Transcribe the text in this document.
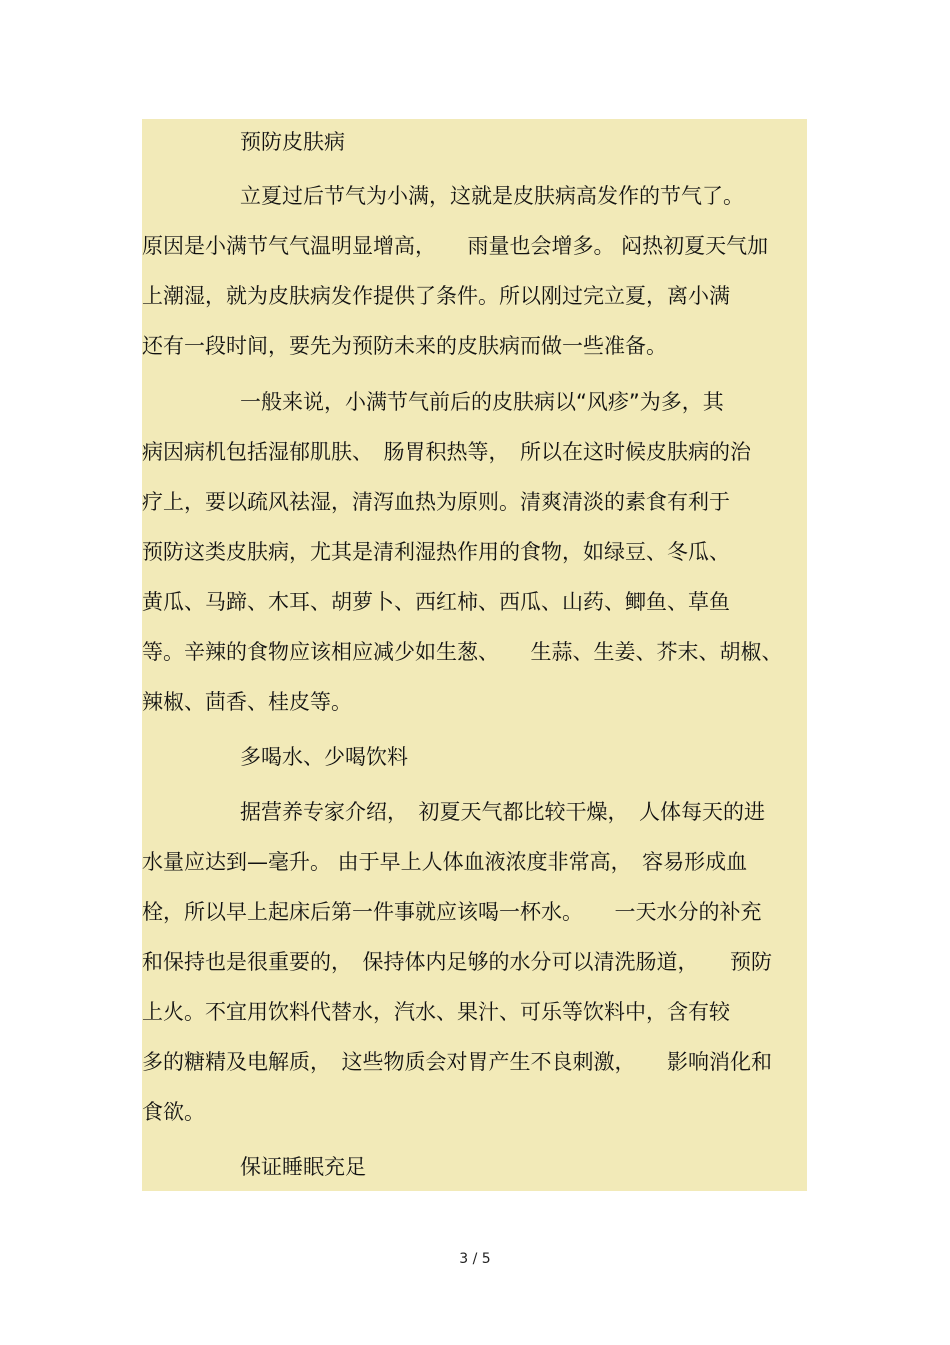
预防皮肤病
立夏过后节气为小满，这就是皮肤病高发作的节气了。
原因是小满节气气温明显增高，　　雨量也会增多。 闷热初夏天气加
上潮湿，就为皮肤病发作提供了条件。所以刚过完立夏，离小满
还有一段时间，要先为预防未来的皮肤病而做一些准备。
一般来说，小满节气前后的皮肤病以“风疹”为多，其
病因病机包括湿郁肌肤、　肠胃积热等，　所以在这时候皮肤病的治
疗上，要以疏风祛湿，清泻血热为原则。清爽清淡的素食有利于
预防这类皮肤病，尤其是清利湿热作用的食物，如绿豆、冬瓜、
黄瓜、马蹄、木耳、胡萝卜、西红柿、西瓜、山药、鲫鱼、草鱼
等。辛辣的食物应该相应减少如生葱、　　生蒜、生姜、芥末、胡椒、
辣椒、茴香、桂皮等。
多喝水、少喝饮料
据营养专家介绍，　初夏天气都比较干燥，　人体每天的进
水量应达到—毫升。 由于早上人体血液浓度非常高，　容易形成血
栓，所以早上起床后第一件事就应该喝一杯水。　　一天水分的补充
和保持也是很重要的，　保持体内足够的水分可以清洗肠道，　　预防
上火。不宜用饮料代替水，汽水、果汁、可乐等饮料中，含有较
多的糖精及电解质，　这些物质会对胃产生不良刺激，　　影响消化和
食欲。
保证睡眠充足
3 / 5
